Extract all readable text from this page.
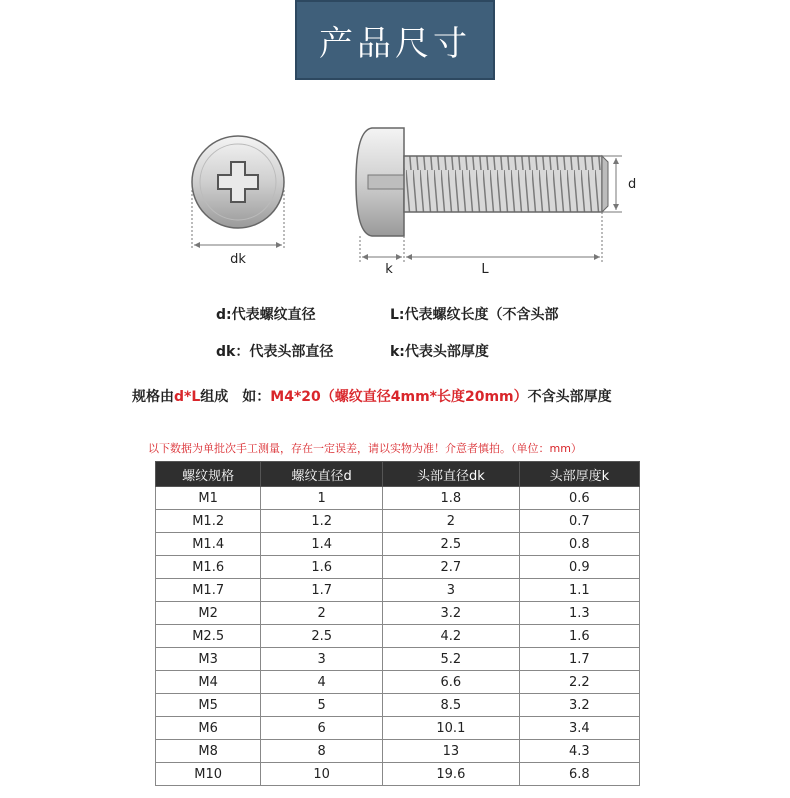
产品尺寸
dk
d
k	L
d:代表螺纹直径	L:代表螺纹长度（不含头部
dk：代表头部直径	k:代表头部厚度
规格由d*L组成　如：M4*20（螺纹直径4mm*长度20mm）不含头部厚度
以下数据为单批次手工测量，存在一定误差，请以实物为准！介意者慎拍。（单位：mm）
螺纹规格	螺纹直径d	头部直径dk	头部厚度k
M1	1	1.8	0.6
M1.2	1.2	2	0.7
M1.4	1.4	2.5	0.8
M1.6	1.6	2.7	0.9
M1.7	1.7	3	1.1
M2	2	3.2	1.3
M2.5	2.5	4.2	1.6
M3	3	5.2	1.7
M4	4	6.6	2.2
M5	5	8.5	3.2
M6	6	10.1	3.4
M8	8	13	4.3
M10	10	19.6	6.8
